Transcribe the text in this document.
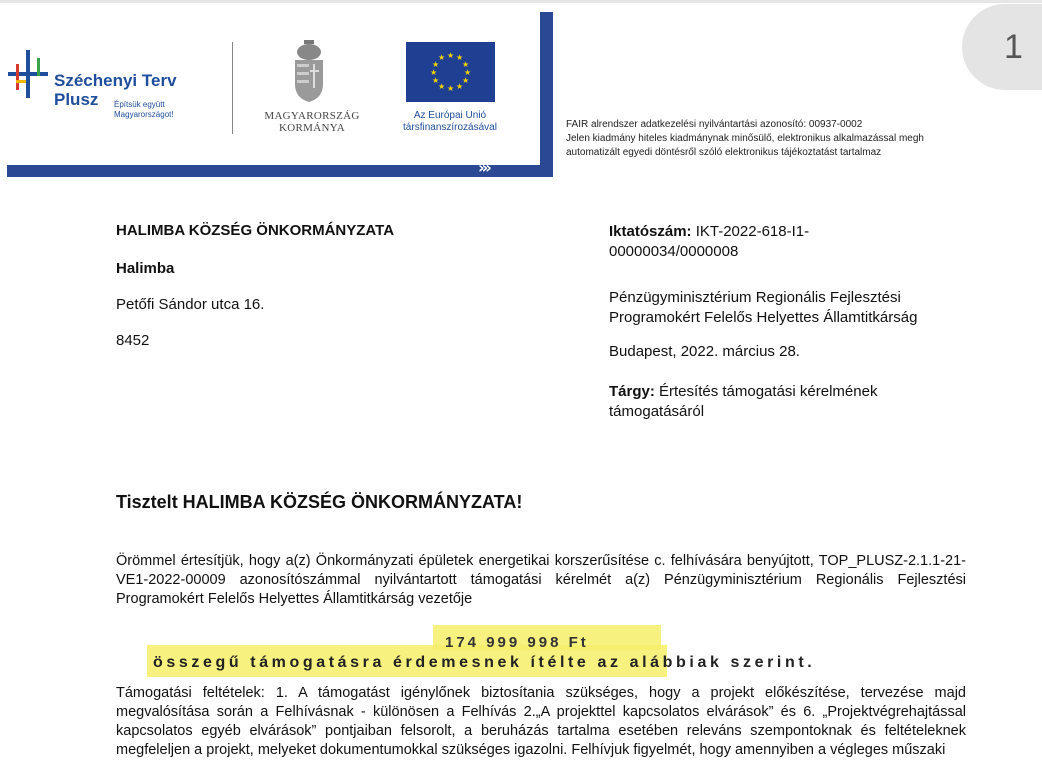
Széchenyi Terv
Plusz Építsük együtt Magyarországot!	MAGYARORSZÁG
KORMÁNYA
★ ★
★
★
★
★
★
★
★
★
★
★
Az Európai Unió
társfinanszírozásával
⌄
⌄
⌄
›››
FAIR alrendszer adatkezelési nyilvántartási azonosító: 00937-0002
Jelen kiadmány hiteles kiadmánynak minősülő, elektronikus alkalmazással megh
automatizált egyedi döntésről szóló elektronikus tájékoztatást tartalmaz
1
HALIMBA KÖZSÉG ÖNKORMÁNYZATA
Halimba
Petőfi Sándor utca 16.
8452
Iktatószám: IKT-2022-618-I1-
00000034/0000008
Pénzügyminisztérium Regionális Fejlesztési
Programokért Felelős Helyettes Államtitkárság
Budapest, 2022. március 28.
Tárgy: Értesítés támogatási kérelmének
támogatásáról
Tisztelt HALIMBA KÖZSÉG ÖNKORMÁNYZATA!
Örömmel értesítjük, hogy a(z) Önkormányzati épületek energetikai korszerűsítése c. felhívására benyújtott, TOP_PLUSZ-2.1.1-21-VE1-2022-00009 azonosítószámmal nyilvántartott támogatási kérelmét a(z) Pénzügyminisztérium Regionális Fejlesztési Programokért Felelős Helyettes Államtitkárság vezetője
174 999 998 Ft
összegű támogatásra érdemesnek ítélte az alábbiak szerint.
Támogatási feltételek: 1. A támogatást igénylőnek biztosítania szükséges, hogy a projekt előkészítése, tervezése majd megvalósítása során a Felhívásnak - különösen a Felhívás 2.„A projekttel kapcsolatos elvárások” és 6. „Projektvégrehajtással kapcsolatos egyéb elvárások” pontjaiban felsorolt, a beruházás tartalma esetében releváns szempontoknak és feltételeknek megfeleljen a projekt, melyeket dokumentumokkal szükséges igazolni. Felhívjuk figyelmét, hogy amennyiben a végleges műszaki
